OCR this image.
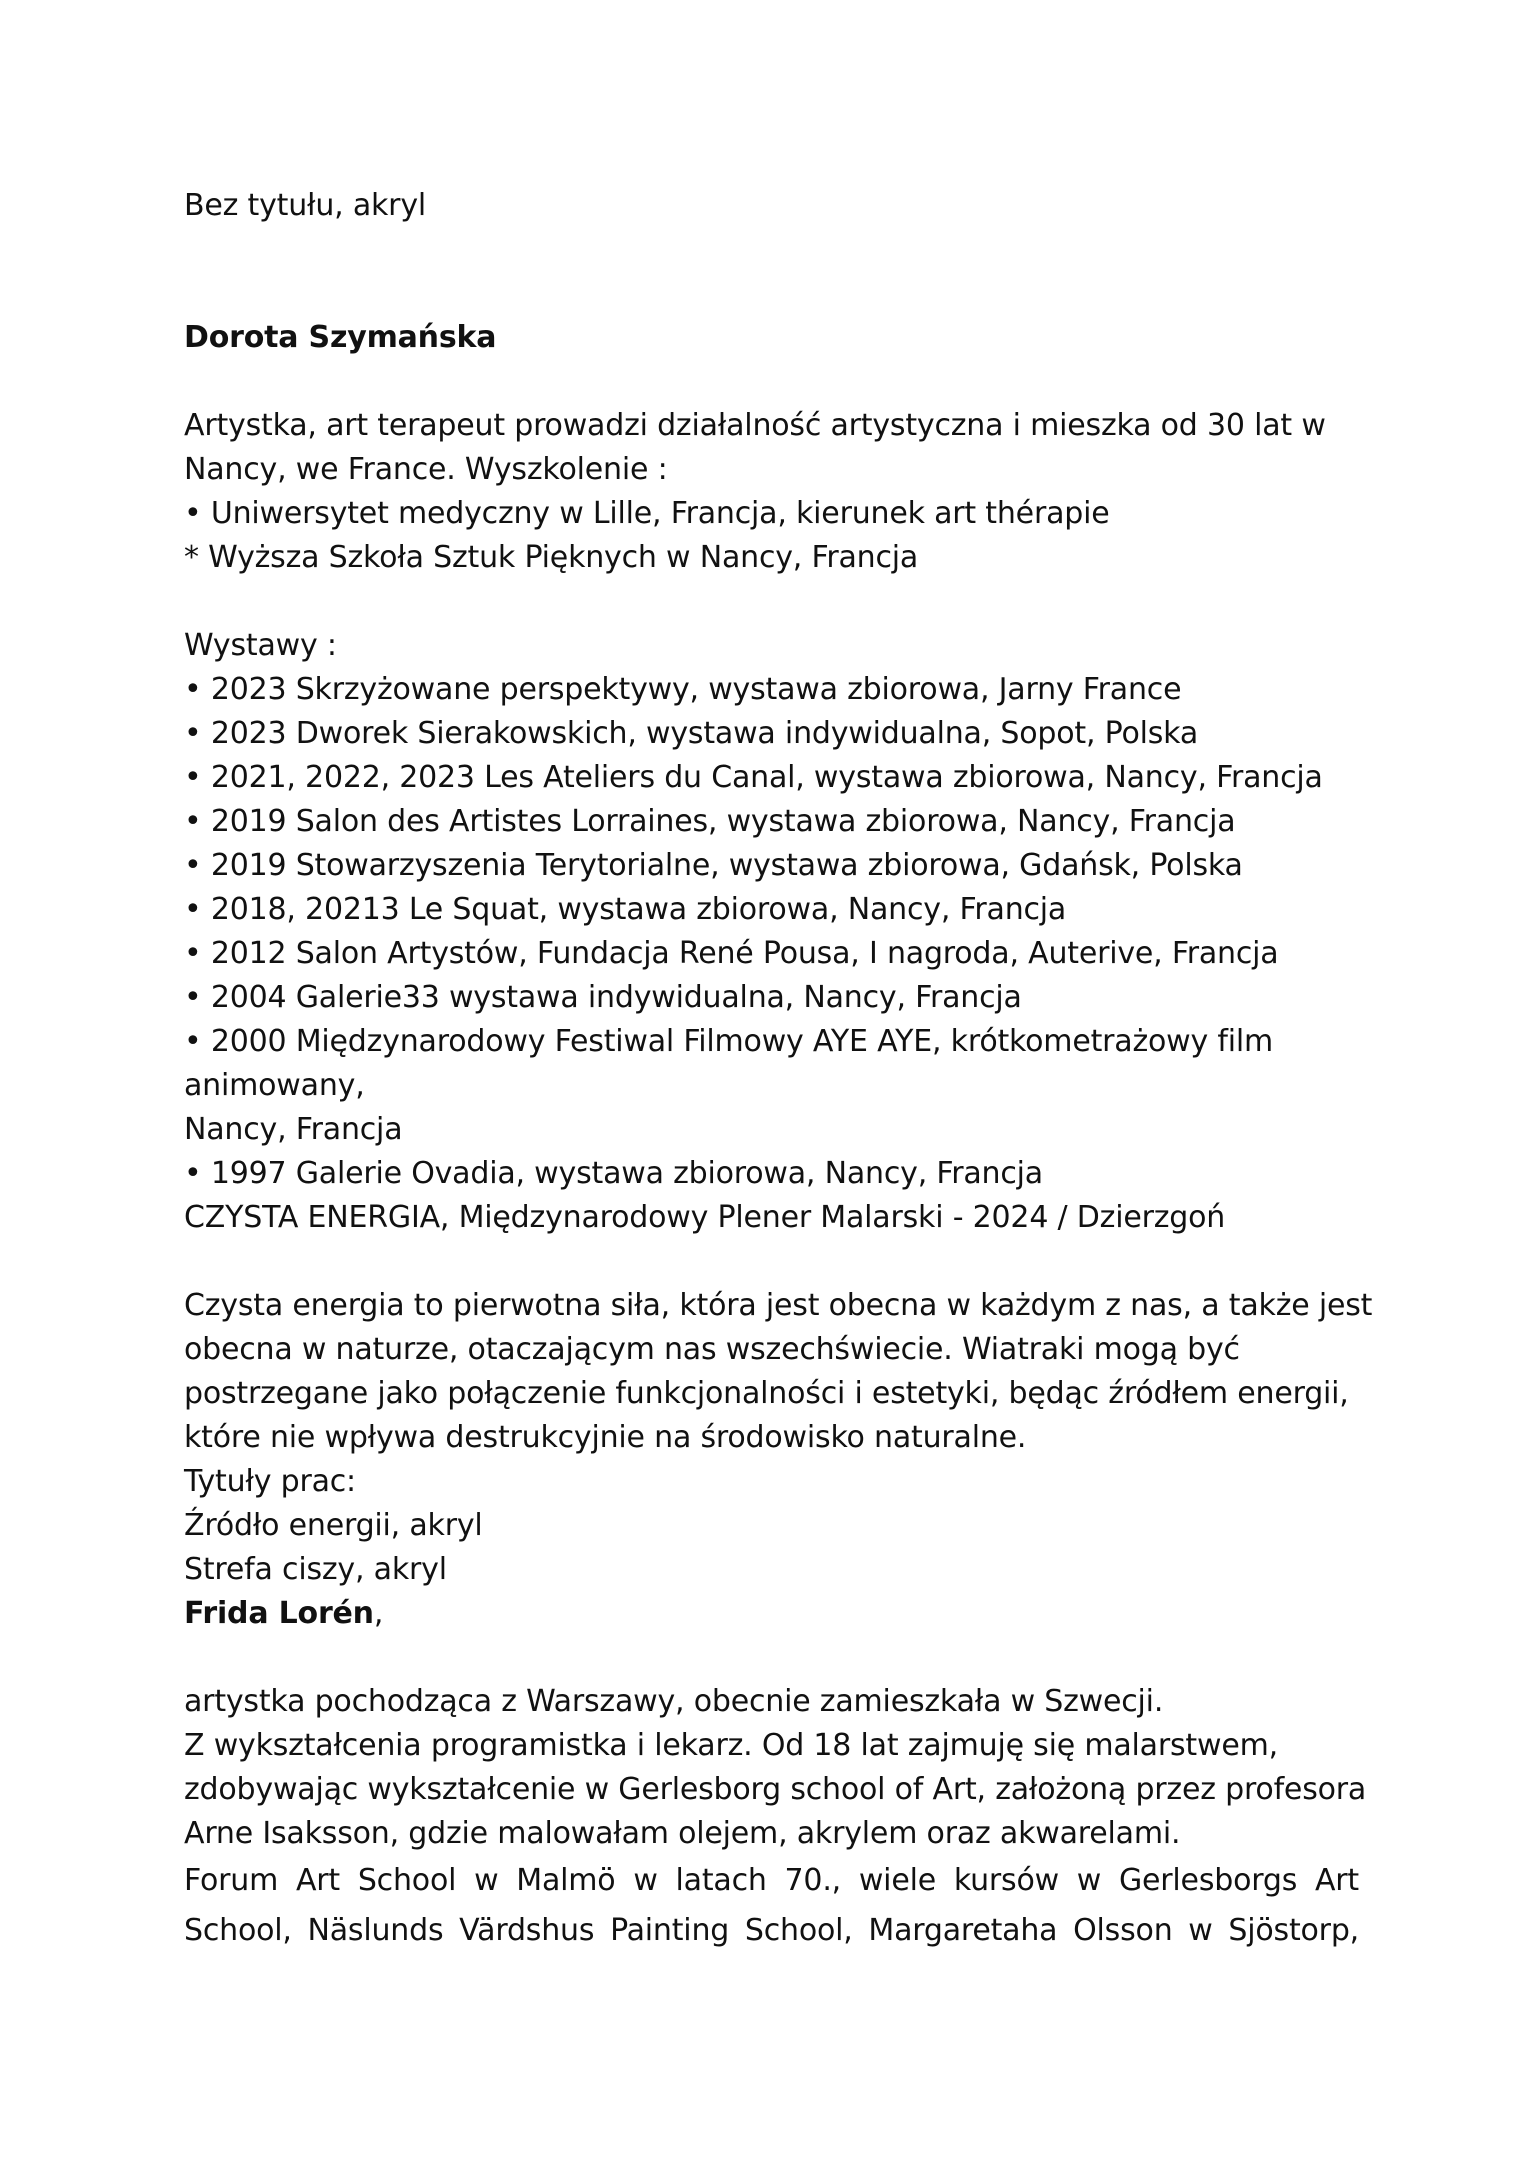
Bez tytułu, akryl
Dorota Szymańska
Artystka, art terapeut prowadzi działalność artystyczna i mieszka od 30 lat w
Nancy, we France. Wyszkolenie :
• Uniwersytet medyczny w Lille, Francja, kierunek art thérapie
* Wyższa Szkoła Sztuk Pięknych w Nancy, Francja
Wystawy :
• 2023 Skrzyżowane perspektywy, wystawa zbiorowa, Jarny France
• 2023 Dworek Sierakowskich, wystawa indywidualna, Sopot, Polska
• 2021, 2022, 2023 Les Ateliers du Canal, wystawa zbiorowa, Nancy, Francja
• 2019 Salon des Artistes Lorraines, wystawa zbiorowa, Nancy, Francja
• 2019 Stowarzyszenia Terytorialne, wystawa zbiorowa, Gdańsk, Polska
• 2018, 20213 Le Squat, wystawa zbiorowa, Nancy, Francja
• 2012 Salon Artystów, Fundacja René Pousa, I nagroda, Auterive, Francja
• 2004 Galerie33 wystawa indywidualna, Nancy, Francja
• 2000 Międzynarodowy Festiwal Filmowy AYE AYE, krótkometrażowy film
animowany,
Nancy, Francja
• 1997 Galerie Ovadia, wystawa zbiorowa, Nancy, Francja
CZYSTA ENERGIA, Międzynarodowy Plener Malarski - 2024 / Dzierzgoń
Czysta energia to pierwotna siła, która jest obecna w każdym z nas, a także jest
obecna w naturze, otaczającym nas wszechświecie. Wiatraki mogą być
postrzegane jako połączenie funkcjonalności i estetyki, będąc źródłem energii,
które nie wpływa destrukcyjnie na środowisko naturalne.
Tytuły prac:
Źródło energii, akryl
Strefa ciszy, akryl
Frida Lorén,
artystka pochodząca z Warszawy, obecnie zamieszkała w Szwecji.
Z wykształcenia programistka i lekarz. Od 18 lat zajmuję się malarstwem,
zdobywając wykształcenie w Gerlesborg school of Art, założoną przez profesora
Arne Isaksson, gdzie malowałam olejem, akrylem oraz akwarelami.
Forum Art School w Malmö w latach 70., wiele kursów w Gerlesborgs Art
School, Näslunds Värdshus Painting School, Margaretaha Olsson w Sjöstorp,
